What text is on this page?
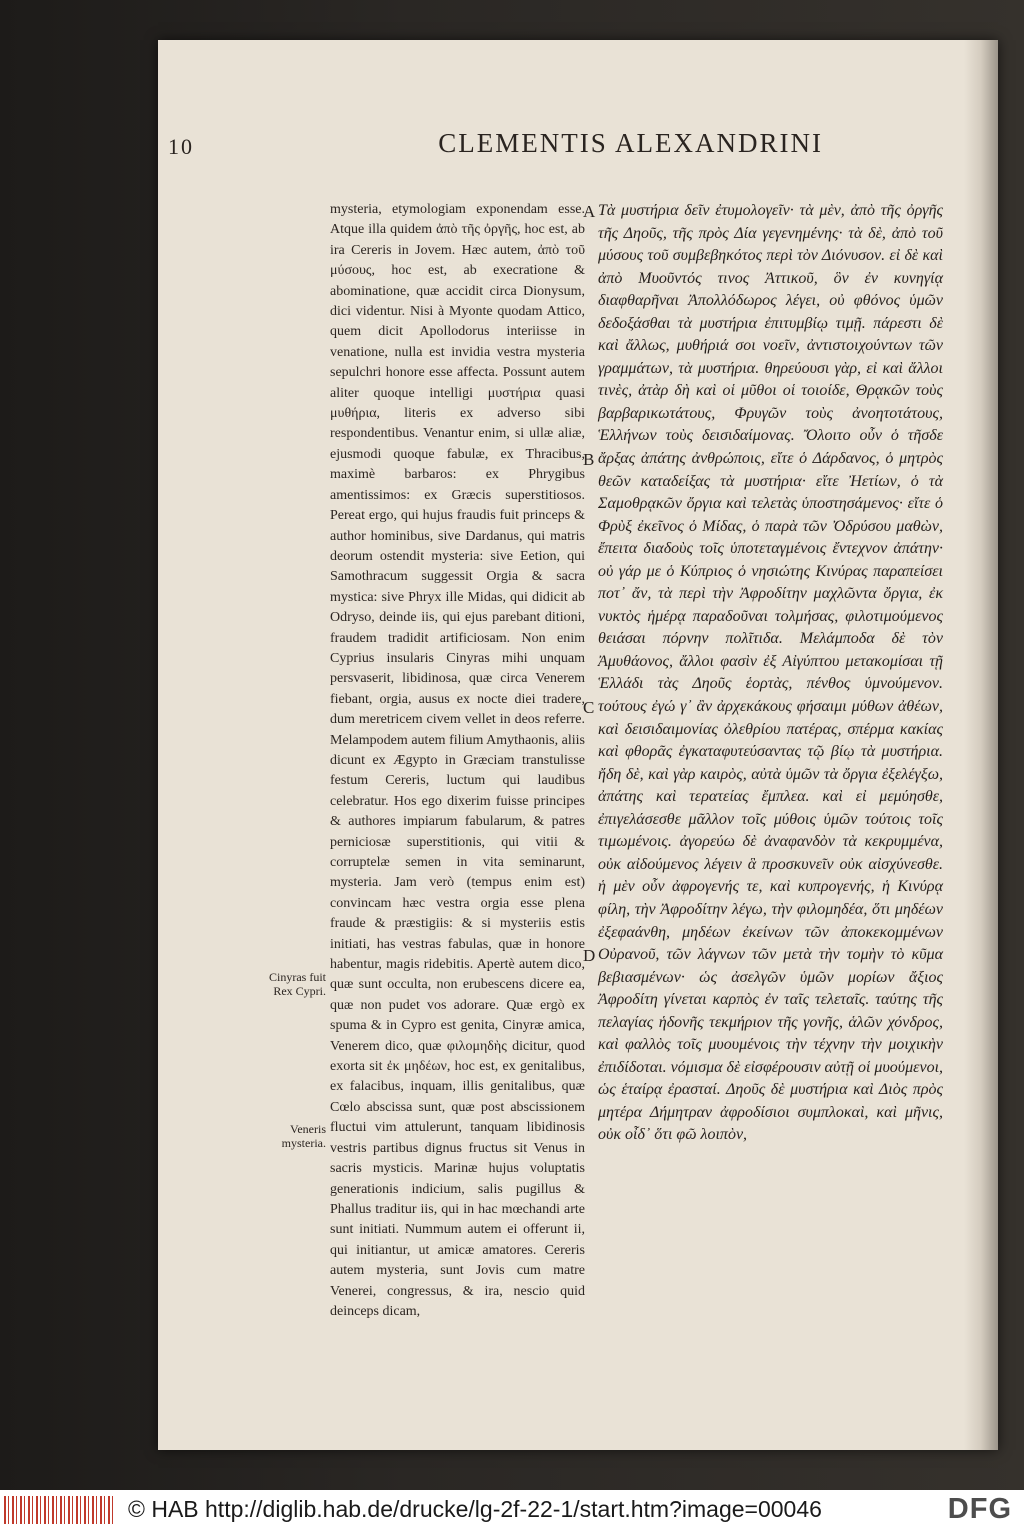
10	CLEMENTIS ALEXANDRINI
Cinyras fuit Rex Cypri.
Veneris mysteria.

mysteria, etymologiam exponendam esse. Atque illa quidem ἀπὸ τῆς ὀργῆς, hoc est, ab ira Cereris in Jovem. Hæc autem, ἀπὸ τοῦ μύσους, hoc est, ab execratione & abominatione, quæ accidit circa Dionysum, dici videntur. Nisi à Myonte quodam Attico, quem dicit Apollodorus interiisse in venatione, nulla est invidia vestra mysteria sepulchri honore esse affecta. Possunt autem aliter quoque intelligi μυστήρια quasi μυθήρια, literis ex adverso sibi respondentibus. Venantur enim, si ullæ aliæ, ejusmodi quoque fabulæ, ex Thracibus, maximè barbaros: ex Phrygibus amentissimos: ex Græcis superstitiosos. Pereat ergo, qui hujus fraudis fuit princeps & author hominibus, sive Dardanus, qui matris deorum ostendit mysteria: sive Eetion, qui Samothracum suggessit Orgia & sacra mystica: sive Phryx ille Midas, qui didicit ab Odryso, deinde iis, qui ejus parebant ditioni, fraudem tradidit artificiosam. Non enim Cyprius insularis Cinyras mihi unquam persvaserit, libidinosa, quæ circa Venerem fiebant, orgia, ausus ex nocte diei tradere, dum meretricem civem vellet in deos referre. Melampodem autem filium Amythaonis, aliis dicunt ex Ægypto in Græciam transtulisse festum Cereris, luctum qui laudibus celebratur. Hos ego dixerim fuisse principes & authores impiarum fabularum, & patres perniciosæ superstitionis, qui vitii & corruptelæ semen in vita seminarunt, mysteria. Jam verò (tempus enim est) convincam hæc vestra orgia esse plena fraude & præstigiis: & si mysteriis estis initiati, has vestras fabulas, quæ in honore habentur, magis ridebitis. Apertè autem dico, quæ sunt occulta, non erubescens dicere ea, quæ non pudet vos adorare. Quæ ergò ex spuma & in Cypro est genita, Cinyræ amica, Venerem dico, quæ φιλομηδὴς dicitur, quod exorta sit ἐκ μηδέων, hoc est, ex genitalibus, ex falacibus, inquam, illis genitalibus, quæ Cœlo abscissa sunt, quæ post abscissionem fluctui vim attulerunt, tanquam libidinosis vestris partibus dignus fructus sit Venus in sacris mysticis. Marinæ hujus voluptatis generationis indicium, salis pugillus & Phallus traditur iis, qui in hac mœchandi arte sunt initiati. Nummum autem ei offerunt ii, qui initiantur, ut amicæ amatores. Cereris autem mysteria, sunt Jovis cum matre Venerei, congressus, & ira, nescio quid deinceps dicam,

A
B
C
D

Τὰ μυστήρια δεῖν ἐτυμολογεῖν· τὰ μὲν, ἀπὸ τῆς ὀργῆς τῆς Δηοῦς, τῆς πρὸς Δία γεγενημένης· τὰ δὲ, ἀπὸ τοῦ μύσους τοῦ συμβεβηκότος περὶ τὸν Διόνυσον. εἰ δὲ καὶ ἀπὸ Μυοῦντός τινος Ἀττικοῦ, ὃν ἐν κυνηγίᾳ διαφθαρῆναι Ἀπολλόδωρος λέγει, οὐ φθόνος ὑμῶν δεδοξάσθαι τὰ μυστήρια ἐπιτυμβίῳ τιμῇ. πάρεστι δὲ καὶ ἄλλως, μυθήριά σοι νοεῖν, ἀντιστοιχούντων τῶν γραμμάτων, τὰ μυστήρια. θηρεύουσι γὰρ, εἰ καὶ ἄλλοι τινὲς, ἀτὰρ δὴ καὶ οἱ μῦθοι οἱ τοιοίδε, Θρᾳκῶν τοὺς βαρβαρικωτάτους, Φρυγῶν τοὺς ἀνοητοτάτους, Ἑλλήνων τοὺς δεισιδαίμονας. Ὄλοιτο οὖν ὁ τῆσδε ἄρξας ἀπάτης ἀνθρώποις, εἴτε ὁ Δάρδανος, ὁ μητρὸς θεῶν καταδείξας τὰ μυστήρια· εἴτε Ἠετίων, ὁ τὰ Σαμοθρᾳκῶν ὄργια καὶ τελετὰς ὑποστησάμενος· εἴτε ὁ Φρὺξ ἐκεῖνος ὁ Μίδας, ὁ παρὰ τῶν Ὀδρύσου μαθὼν, ἔπειτα διαδοὺς τοῖς ὑποτεταγμένοις ἔντεχνον ἀπάτην· οὐ γάρ με ὁ Κύπριος ὁ νησιώτης Κινύρας παραπείσει ποτ᾽ ἄν, τὰ περὶ τὴν Ἀφροδίτην μαχλῶντα ὄργια, ἐκ νυκτὸς ἡμέρᾳ παραδοῦναι τολμήσας, φιλοτιμούμενος θειάσαι πόρνην πολῖτιδα. Μελάμποδα δὲ τὸν Ἀμυθάονος, ἄλλοι φασὶν ἐξ Αἰγύπτου μετακομίσαι τῇ Ἑλλάδι τὰς Δηοῦς ἑορτὰς, πένθος ὑμνούμενον. τούτους ἐγώ γ᾽ ἂν ἀρχεκάκους φήσαιμι μύθων ἀθέων, καὶ δεισιδαιμονίας ὀλεθρίου πατέρας, σπέρμα κακίας καὶ φθορᾶς ἐγκαταφυτεύσαντας τῷ βίῳ τὰ μυστήρια. ἤδη δὲ, καὶ γὰρ καιρὸς, αὐτὰ ὑμῶν τὰ ὄργια ἐξελέγξω, ἀπάτης καὶ τερατείας ἔμπλεα. καὶ εἰ μεμύησθε, ἐπιγελάσεσθε μᾶλλον τοῖς μύθοις ὑμῶν τούτοις τοῖς τιμωμένοις. ἀγορεύω δὲ ἀναφανδὸν τὰ κεκρυμμένα, οὐκ αἰδούμενος λέγειν ἃ προσκυνεῖν οὐκ αἰσχύνεσθε. ἡ μὲν οὖν ἀφρογενής τε, καὶ κυπρογενής, ἡ Κινύρᾳ φίλη, τὴν Ἀφροδίτην λέγω, τὴν φιλομηδέα, ὅτι μηδέων ἐξεφαάνθη, μηδέων ἐκείνων τῶν ἀποκεκομμένων Οὐρανοῦ, τῶν λάγνων τῶν μετὰ τὴν τομὴν τὸ κῦμα βεβιασμένων· ὡς ἀσελγῶν ὑμῶν μορίων ἄξιος Ἀφροδίτη γίνεται καρπὸς ἐν ταῖς τελεταῖς. ταύτης τῆς πελαγίας ἡδονῆς τεκμήριον τῆς γονῆς, ἁλῶν χόνδρος, καὶ φαλλὸς τοῖς μυουμένοις τὴν τέχνην τὴν μοιχικὴν ἐπιδίδοται. νόμισμα δὲ εἰσφέρουσιν αὐτῇ οἱ μυούμενοι, ὡς ἑταίρᾳ ἐρασταί. Δηοῦς δὲ μυστήρια καὶ Διὸς πρὸς μητέρα Δήμητραν ἀφροδίσιοι συμπλοκαὶ, καὶ μῆνις, οὐκ οἶδ᾽ ὅτι φῶ λοιπὸν,

© HAB http://diglib.hab.de/drucke/lg-2f-22-1/start.htm?image=00046	DFG
